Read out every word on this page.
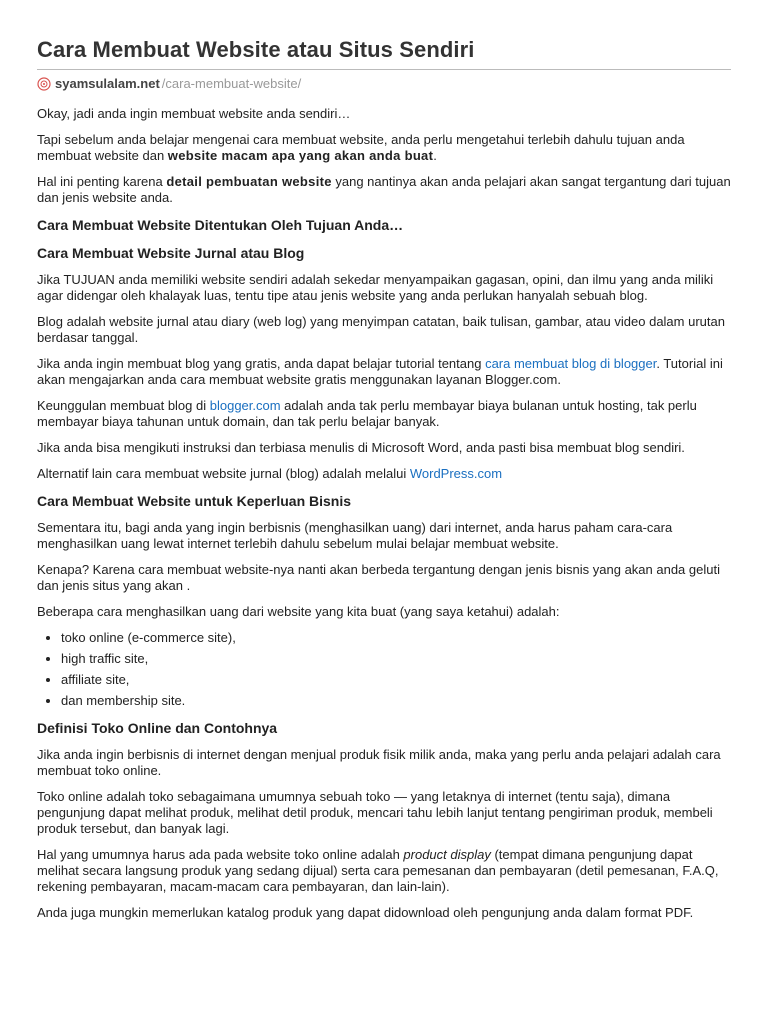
Cara Membuat Website atau Situs Sendiri
syamsulalam.net /cara-membuat-website/

Okay, jadi anda ingin membuat website anda sendiri…

Tapi sebelum anda belajar mengenai cara membuat website, anda perlu mengetahui terlebih dahulu tujuan anda membuat website dan website macam apa yang akan anda buat.

Hal ini penting karena detail pembuatan website yang nantinya akan anda pelajari akan sangat tergantung dari tujuan dan jenis website anda.

Cara Membuat Website Ditentukan Oleh Tujuan Anda…
Cara Membuat Website Jurnal atau Blog

Jika TUJUAN anda memiliki website sendiri adalah sekedar menyampaikan gagasan, opini, dan ilmu yang anda miliki agar didengar oleh khalayak luas, tentu tipe atau jenis website yang anda perlukan hanyalah sebuah blog.

Blog adalah website jurnal atau diary (web log) yang menyimpan catatan, baik tulisan, gambar, atau video dalam urutan berdasar tanggal.

Jika anda ingin membuat blog yang gratis, anda dapat belajar tutorial tentang cara membuat blog di blogger. Tutorial ini akan mengajarkan anda cara membuat website gratis menggunakan layanan Blogger.com.

Keunggulan membuat blog di blogger.com adalah anda tak perlu membayar biaya bulanan untuk hosting, tak perlu membayar biaya tahunan untuk domain, dan tak perlu belajar banyak.

Jika anda bisa mengikuti instruksi dan terbiasa menulis di Microsoft Word, anda pasti bisa membuat blog sendiri.

Alternatif lain cara membuat website jurnal (blog) adalah melalui WordPress.com

Cara Membuat Website untuk Keperluan Bisnis

Sementara itu, bagi anda yang ingin berbisnis (menghasilkan uang) dari internet, anda harus paham cara-cara menghasilkan uang lewat internet terlebih dahulu sebelum mulai belajar membuat website.

Kenapa? Karena cara membuat website-nya nanti akan berbeda tergantung dengan jenis bisnis yang akan anda geluti dan jenis situs yang akan .

Beberapa cara menghasilkan uang dari website yang kita buat (yang saya ketahui) adalah:

• toko online (e-commerce site),
• high traffic site,
• affiliate site,
• dan membership site.
Definisi Toko Online dan Contohnya

Jika anda ingin berbisnis di internet dengan menjual produk fisik milik anda, maka yang perlu anda pelajari adalah cara membuat toko online.

Toko online adalah toko sebagaimana umumnya sebuah toko — yang letaknya di internet (tentu saja), dimana pengunjung dapat melihat produk, melihat detil produk, mencari tahu lebih lanjut tentang pengiriman produk, membeli produk tersebut, dan banyak lagi.

Hal yang umumnya harus ada pada website toko online adalah product display (tempat dimana pengunjung dapat melihat secara langsung produk yang sedang dijual) serta cara pemesanan dan pembayaran (detil pemesanan, F.A.Q, rekening pembayaran, macam-macam cara pembayaran, dan lain-lain).

Anda juga mungkin memerlukan katalog produk yang dapat didownload oleh pengunjung anda dalam format PDF.
